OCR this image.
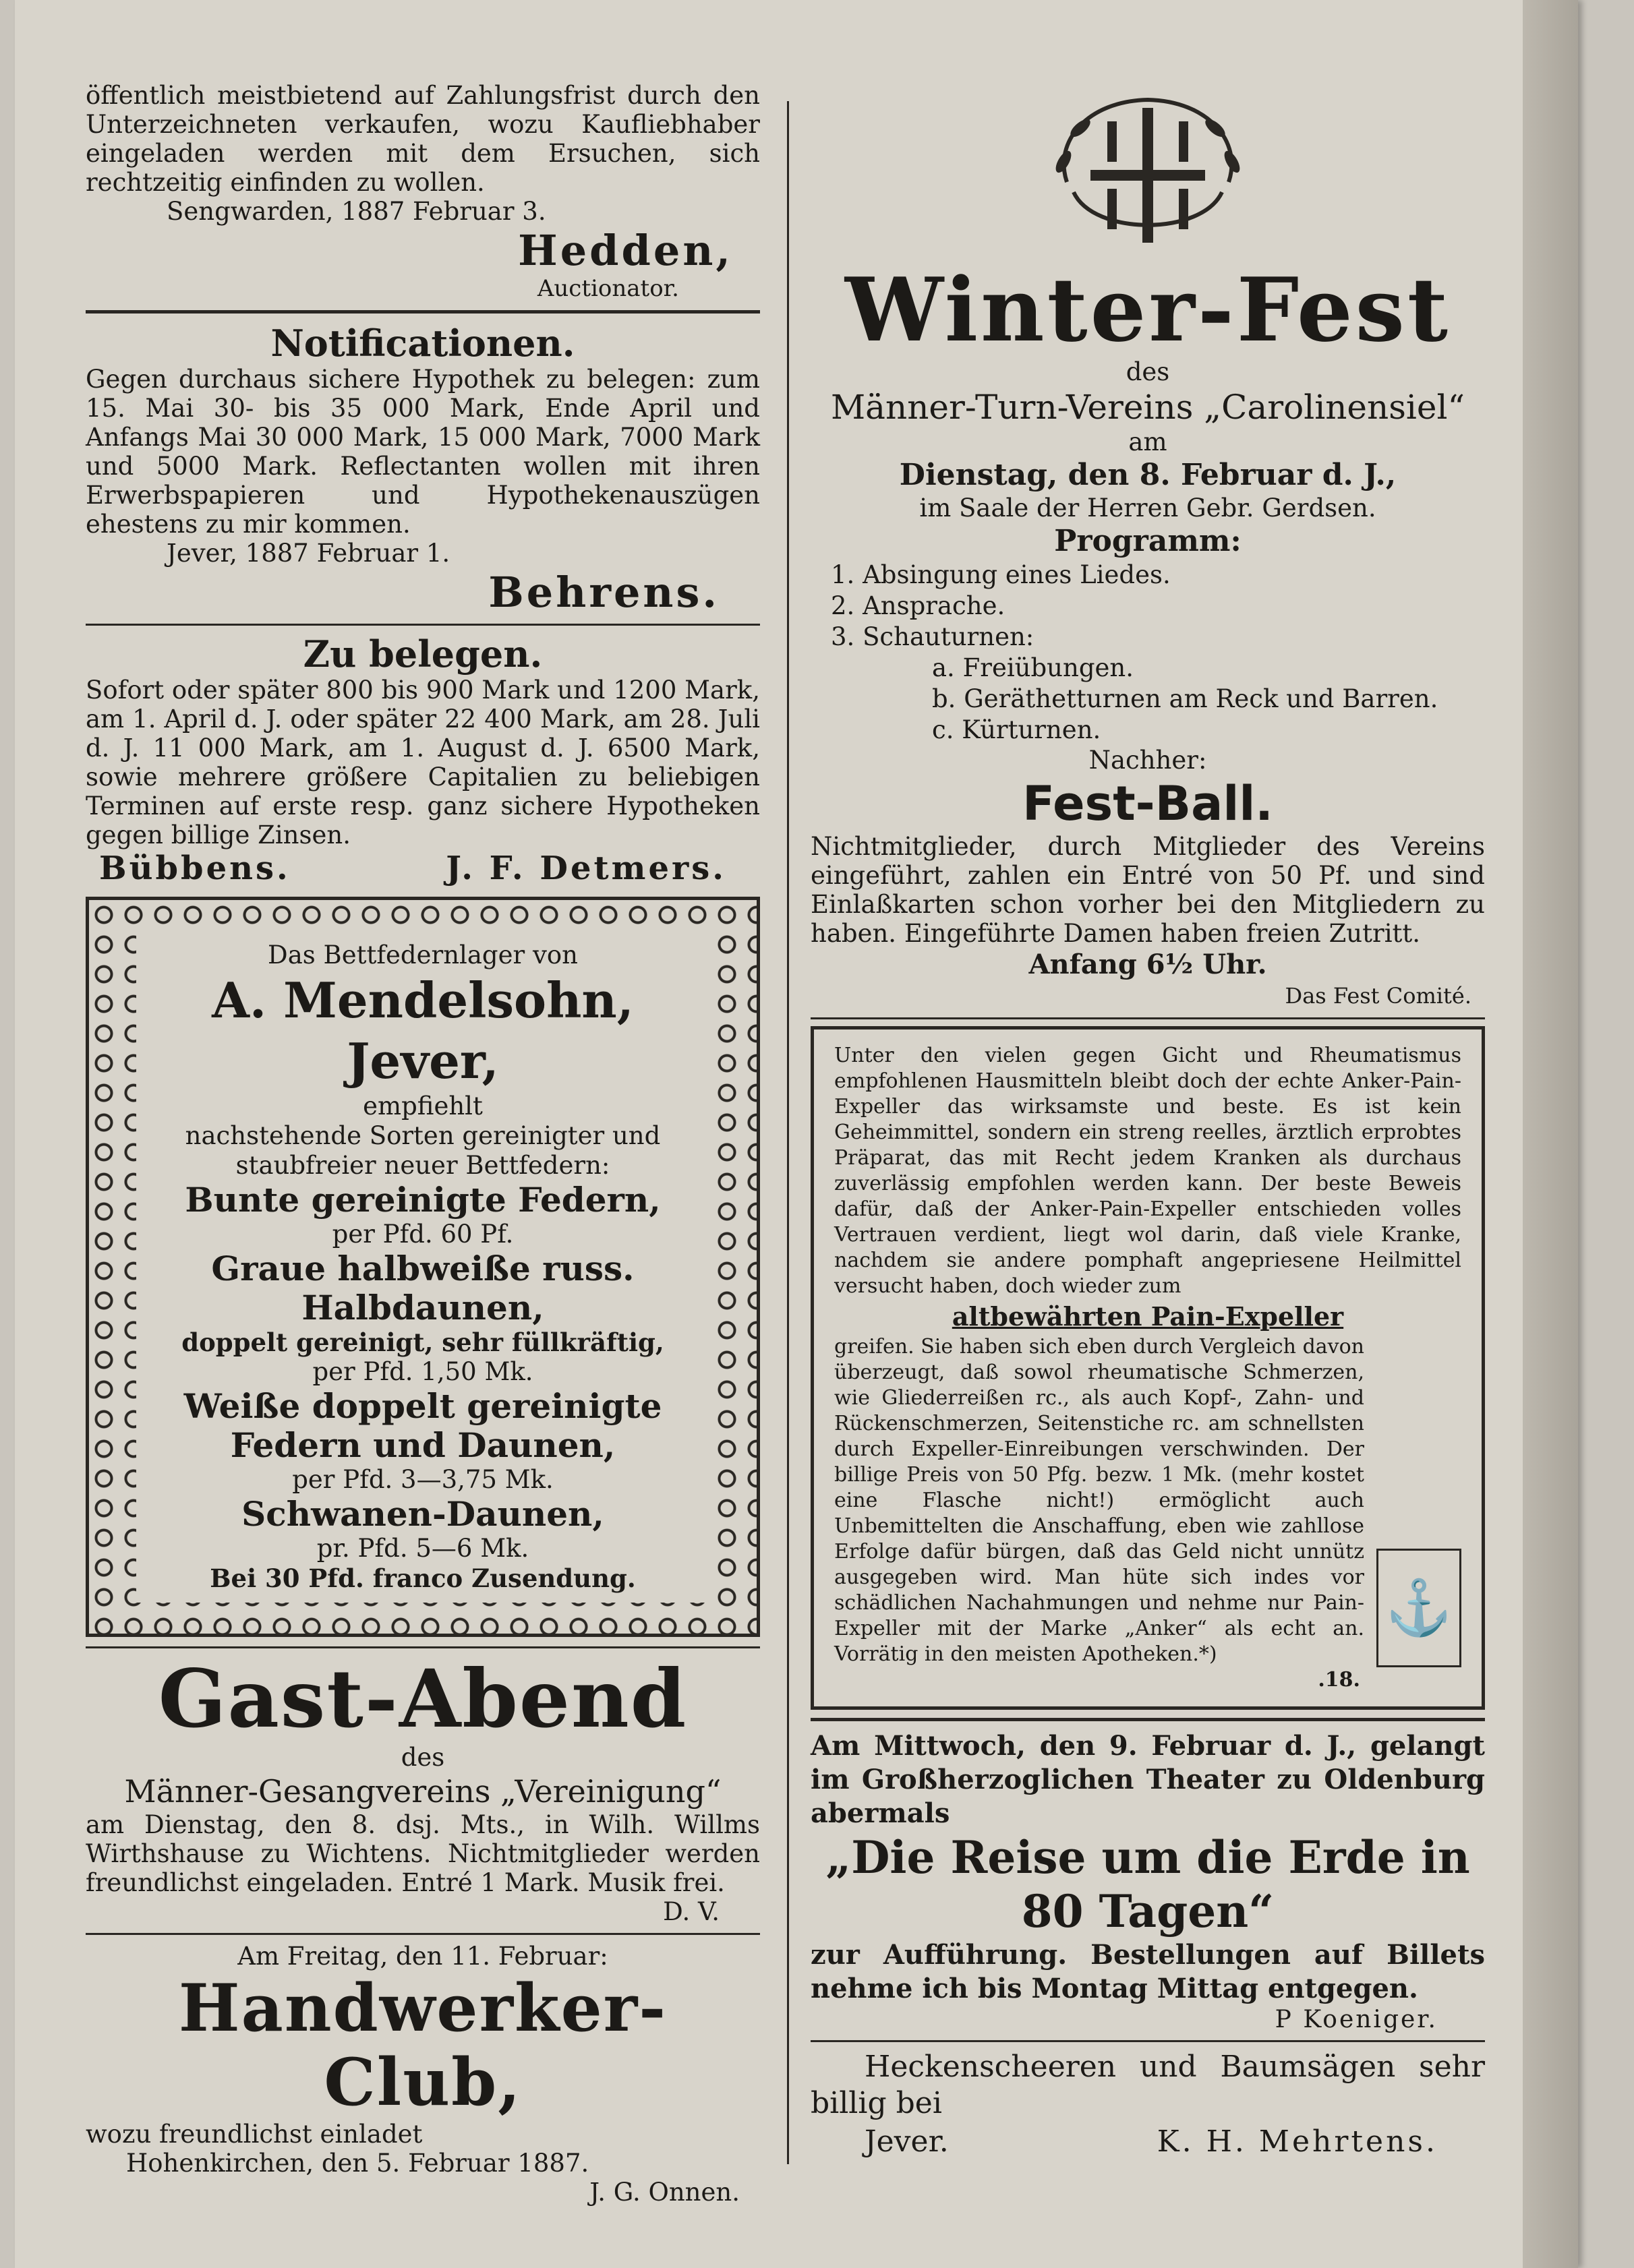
öffentlich meistbietend auf Zahlungsfrist durch den Unterzeichneten verkaufen, wozu Kaufliebhaber eingeladen werden mit dem Ersuchen, sich rechtzeitig einfinden zu wollen.

Sengwarden, 1887 Februar 3.

Hedden,

Auctionator.

Notificationen.

Gegen durchaus sichere Hypothek zu belegen: zum 15. Mai 30- bis 35 000 Mark, Ende April und Anfangs Mai 30 000 Mark, 15 000 Mark, 7000 Mark und 5000 Mark. Reflectanten wollen mit ihren Erwerbspapieren und Hypothekenauszügen ehestens zu mir kommen.

Jever, 1887 Februar 1.

Behrens.

Zu belegen.

Sofort oder später 800 bis 900 Mark und 1200 Mark, am 1. April d. J. oder später 22 400 Mark, am 28. Juli d. J. 11 000 Mark, am 1. August d. J. 6500 Mark, sowie mehrere größere Capitalien zu beliebigen Terminen auf erste resp. ganz sichere Hypotheken gegen billige Zinsen.

Bübbens.	J. F. Detmers.

Das Bettfedernlager von

A. Mendelsohn, Jever,

empfiehlt

nachstehende Sorten gereinigter und staubfreier neuer Bettfedern:

Bunte gereinigte Federn,

per Pfd. 60 Pf.

Graue halbweiße russ. Halbdaunen,

doppelt gereinigt, sehr füllkräftig,

per Pfd. 1,50 Mk.

Weiße doppelt gereinigte Federn und Daunen,

per Pfd. 3—3,75 Mk.

Schwanen-Daunen,

pr. Pfd. 5—6 Mk.

Bei 30 Pfd. franco Zusendung.

Gast-Abend

des

Männer-Gesangvereins „Vereinigung“

am Dienstag, den 8. dsj. Mts., in Wilh. Willms Wirthshause zu Wichtens. Nichtmitglieder werden freundlichst eingeladen. Entré 1 Mark. Musik frei.

D. V.

Am Freitag, den 11. Februar:

Handwerker-Club,

wozu freundlichst einladet

Hohenkirchen, den 5. Februar 1887.

J. G. Onnen.

Winter-Fest

des

Männer-Turn-Vereins „Carolinensiel“

am

Dienstag, den 8. Februar d. J.,

im Saale der Herren Gebr. Gerdsen.

Programm:

1. Absingung eines Liedes.

2. Ansprache.

3. Schauturnen:

a. Freiübungen.

b. Geräthetturnen am Reck und Barren.

c. Kürturnen.

Nachher:

Fest-Ball.

Nichtmitglieder, durch Mitglieder des Vereins eingeführt, zahlen ein Entré von 50 Pf. und sind Einlaßkarten schon vorher bei den Mitgliedern zu haben. Eingeführte Damen haben freien Zutritt.

Anfang 6½ Uhr.

Das Fest Comité.

Unter den vielen gegen Gicht und Rheumatismus empfohlenen Hausmitteln bleibt doch der echte Anker-Pain-Expeller das wirksamste und beste. Es ist kein Geheimmittel, sondern ein streng reelles, ärztlich erprobtes Präparat, das mit Recht jedem Kranken als durchaus zuverlässig empfohlen werden kann. Der beste Beweis dafür, daß der Anker-Pain-Expeller entschieden volles Vertrauen verdient, liegt wol darin, daß viele Kranke, nachdem sie andere pomphaft angepriesene Heilmittel versucht haben, doch wieder zum

altbewährten Pain-Expeller

greifen. Sie haben sich eben durch Vergleich davon überzeugt, daß sowol rheumatische Schmerzen, wie Gliederreißen rc., als auch Kopf-, Zahn- und Rückenschmerzen, Seitenstiche rc. am schnellsten durch Expeller-Einreibungen verschwinden. Der billige Preis von 50 Pfg. bezw. 1 Mk. (mehr kostet eine Flasche nicht!) ermöglicht auch Unbemittelten die Anschaffung, eben wie zahllose Erfolge dafür bürgen, daß das Geld nicht unnütz ausgegeben wird. Man hüte sich indes vor schädlichen Nachahmungen und nehme nur Pain-Expeller mit der Marke „Anker“ als echt an. Vorrätig in den meisten Apotheken.*)

⚓

.18.

Am Mittwoch, den 9. Februar d. J., gelangt im Großherzoglichen Theater zu Oldenburg abermals

„Die Reise um die Erde in 80 Tagen“

zur Aufführung. Bestellungen auf Billets nehme ich bis Montag Mittag entgegen.

P Koeniger.

Heckenscheeren und Baumsägen sehr billig bei

Jever.	K. H. Mehrtens.
